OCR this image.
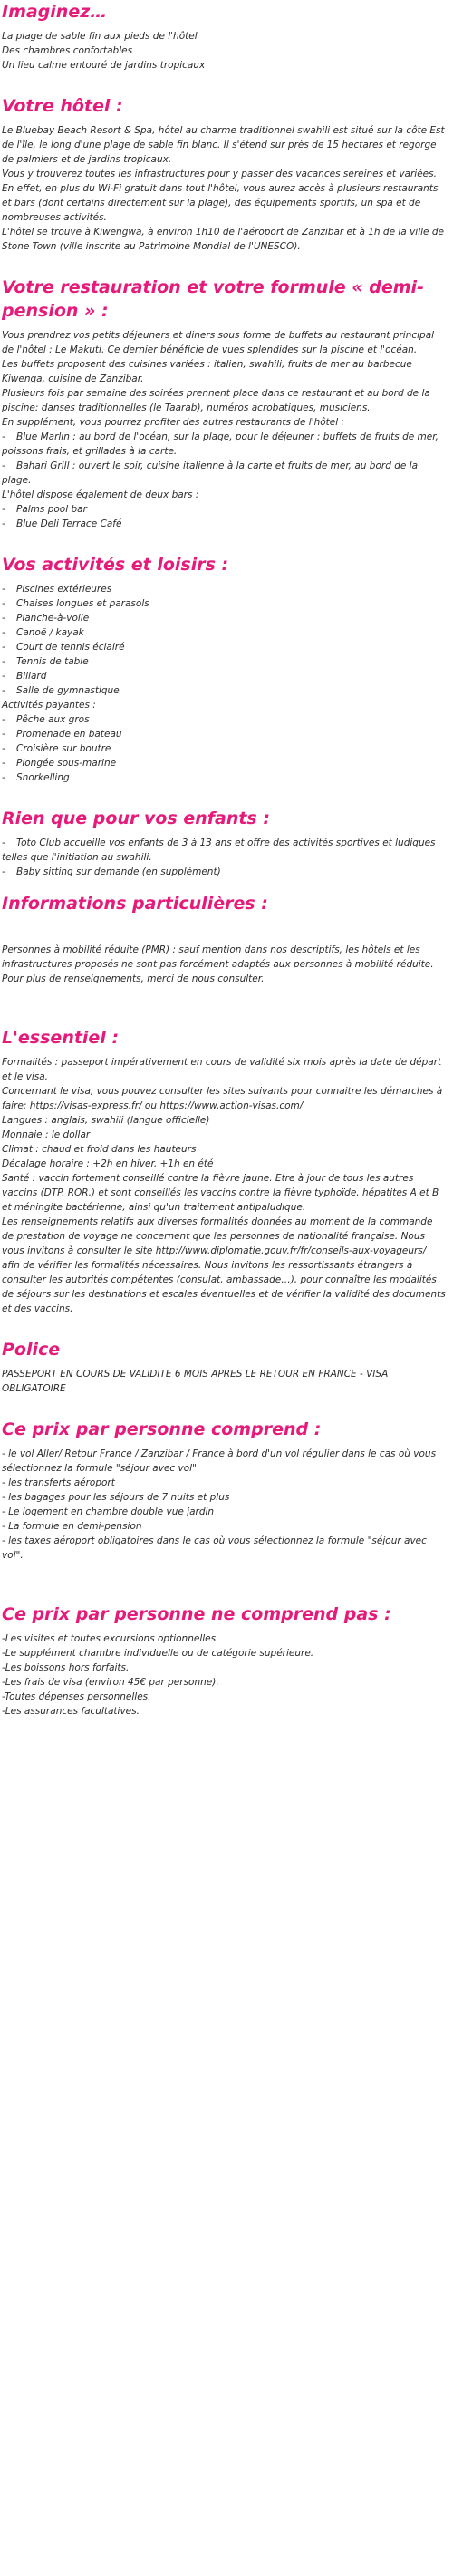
Imaginez…

La plage de sable fin aux pieds de l'hôtel

Des chambres confortables

Un lieu calme entouré de jardins tropicaux

Votre hôtel :

Le Bluebay Beach Resort & Spa, hôtel au charme traditionnel swahili est situé sur la côte Est de l'île, le long d'une plage de sable fin blanc. Il s'étend sur près de 15 hectares et regorge de palmiers et de jardins tropicaux.

Vous y trouverez toutes les infrastructures pour y passer des vacances sereines et variées. En effet, en plus du Wi-Fi gratuit dans tout l'hôtel, vous aurez accès à plusieurs restaurants et bars (dont certains directement sur la plage), des équipements sportifs, un spa et de nombreuses activités.

L'hôtel se trouve à Kiwengwa, à environ 1h10 de l'aéroport de Zanzibar et à 1h de la ville de Stone Town (ville inscrite au Patrimoine Mondial de l'UNESCO).

Votre restauration et votre formule « demi-pension » :

Vous prendrez vos petits déjeuners et diners sous forme de buffets au restaurant principal de l'hôtel : Le Makuti. Ce dernier bénéficie de vues splendides sur la piscine et l'océan.

Les buffets proposent des cuisines variées : italien, swahili, fruits de mer au barbecue Kiwenga, cuisine de Zanzibar.

Plusieurs fois par semaine des soirées prennent place dans ce restaurant et au bord de la piscine: danses traditionnelles (le Taarab), numéros acrobatiques, musiciens.

En supplément, vous pourrez profiter des autres restaurants de l'hôtel :

- Blue Marlin : au bord de l'océan, sur la plage, pour le déjeuner : buffets de fruits de mer, poissons frais, et grillades à la carte.

- Bahari Grill : ouvert le soir, cuisine italienne à la carte et fruits de mer, au bord de la plage.

L'hôtel dispose également de deux bars :

- Palms pool bar

- Blue Deli Terrace Café

Vos activités et loisirs :

- Piscines extérieures

- Chaises longues et parasols

- Planche-à-voile

- Canoë / kayak

- Court de tennis éclairé

- Tennis de table

- Billard

- Salle de gymnastique

Activités payantes :

- Pêche aux gros

- Promenade en bateau

- Croisière sur boutre

- Plongée sous-marine

- Snorkelling

Rien que pour vos enfants :

- Toto Club accueille vos enfants de 3 à 13 ans et offre des activités sportives et ludiques telles que l'initiation au swahili.

- Baby sitting sur demande (en supplément)

Informations particulières :

Personnes à mobilité réduite (PMR) : sauf mention dans nos descriptifs, les hôtels et les infrastructures proposés ne sont pas forcément adaptés aux personnes à mobilité réduite.

Pour plus de renseignements, merci de nous consulter.

L'essentiel :

Formalités : passeport impérativement en cours de validité six mois après la date de départ et le visa.

Concernant le visa, vous pouvez consulter les sites suivants pour connaitre les démarches à faire: https://visas-express.fr/ ou https://www.action-visas.com/

Langues : anglais, swahili (langue officielle)

Monnaie : le dollar

Climat : chaud et froid dans les hauteurs

Décalage horaire : +2h en hiver, +1h en été

Santé : vaccin fortement conseillé contre la fièvre jaune. Etre à jour de tous les autres vaccins (DTP, ROR,) et sont conseillés les vaccins contre la fièvre typhoïde, hépatites A et B et méningite bactérienne, ainsi qu'un traitement antipaludique.

Les renseignements relatifs aux diverses formalités données au moment de la commande de prestation de voyage ne concernent que les personnes de nationalité française. Nous vous invitons à consulter le site http://www.diplomatie.gouv.fr/fr/conseils-aux-voyageurs/ afin de vérifier les formalités nécessaires. Nous invitons les ressortissants étrangers à consulter les autorités compétentes (consulat, ambassade…), pour connaître les modalités de séjours sur les destinations et escales éventuelles et de vérifier la validité des documents et des vaccins.

Police

PASSEPORT EN COURS DE VALIDITE 6 MOIS APRES LE RETOUR EN FRANCE - VISA OBLIGATOIRE

Ce prix par personne comprend :

- le vol Aller/ Retour France / Zanzibar / France à bord d'un vol régulier dans le cas où vous sélectionnez la formule "séjour avec vol"

- les transferts aéroport

- les bagages pour les séjours de 7 nuits et plus

- Le logement en chambre double vue jardin

- La formule en demi-pension

- les taxes aéroport obligatoires dans le cas où vous sélectionnez la formule "séjour avec vol".

Ce prix par personne ne comprend pas :

-Les visites et toutes excursions optionnelles.

-Le supplément chambre individuelle ou de catégorie supérieure.

-Les boissons hors forfaits.

-Les frais de visa (environ 45€ par personne).

-Toutes dépenses personnelles.

-Les assurances facultatives.
